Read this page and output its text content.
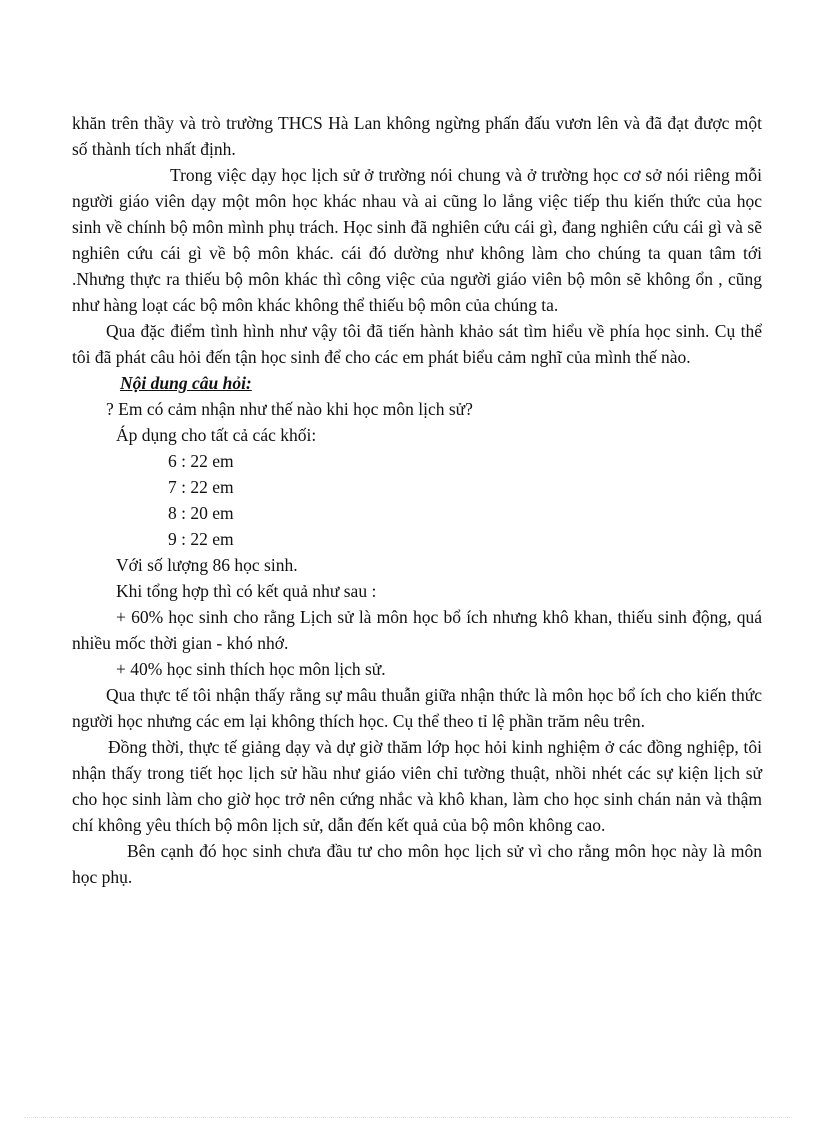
khăn trên thầy và trò trường THCS Hà Lan không ngừng phấn đấu vươn lên và đã đạt được một số thành tích nhất định.

Trong việc dạy học lịch sử ở trường nói chung và ở trường học cơ sở nói riêng mỗi người giáo viên dạy một môn học khác nhau và ai cũng lo lắng việc tiếp thu kiến thức của học sinh về chính bộ môn mình phụ trách. Học sinh đã nghiên cứu cái gì, đang nghiên cứu cái gì và sẽ nghiên cứu cái gì về bộ môn khác. cái đó dường như không làm cho chúng ta quan tâm tới .Nhưng thực ra thiếu bộ môn khác thì công việc của người giáo viên bộ môn sẽ không ổn , cũng như hàng loạt các bộ môn khác không thể thiếu bộ môn của chúng ta.

Qua đặc điểm tình hình như vậy tôi đã tiến hành khảo sát tìm hiểu về phía học sinh. Cụ thể tôi đã phát câu hỏi đến tận học sinh để cho các em phát biểu cảm nghĩ của mình thế nào.

Nội dung câu hỏi:

? Em có cảm nhận như thế nào khi học môn lịch sử?

Áp dụng cho tất cả các khối:

6 : 22 em

7 : 22 em

8 : 20 em

9 : 22 em

Với số lượng 86 học sinh.

Khi tổng hợp thì có kết quả như sau :

+ 60% học sinh cho rằng Lịch sử là môn học bổ ích nhưng khô khan, thiếu sinh động, quá nhiều mốc thời gian - khó nhớ.

+ 40% học sinh thích học môn lịch sử.

Qua thực tế tôi nhận thấy rằng sự mâu thuẫn giữa nhận thức là môn học bổ ích cho kiến thức người học nhưng các em lại không thích học. Cụ thể theo tỉ lệ phần trăm nêu trên.

Đồng thời, thực tế giảng dạy và dự giờ thăm lớp học hỏi kinh nghiệm ở các đồng nghiệp, tôi nhận thấy trong tiết học lịch sử hầu như giáo viên chỉ tường thuật, nhồi nhét các sự kiện lịch sử cho học sinh làm cho giờ học trở nên cứng nhắc và khô khan, làm cho học sinh chán nản và thậm chí không yêu thích bộ môn lịch sử, dẫn đến kết quả của bộ môn không cao.

Bên cạnh đó học sinh chưa đầu tư cho môn học lịch sử vì cho rằng môn học này là môn học phụ.
